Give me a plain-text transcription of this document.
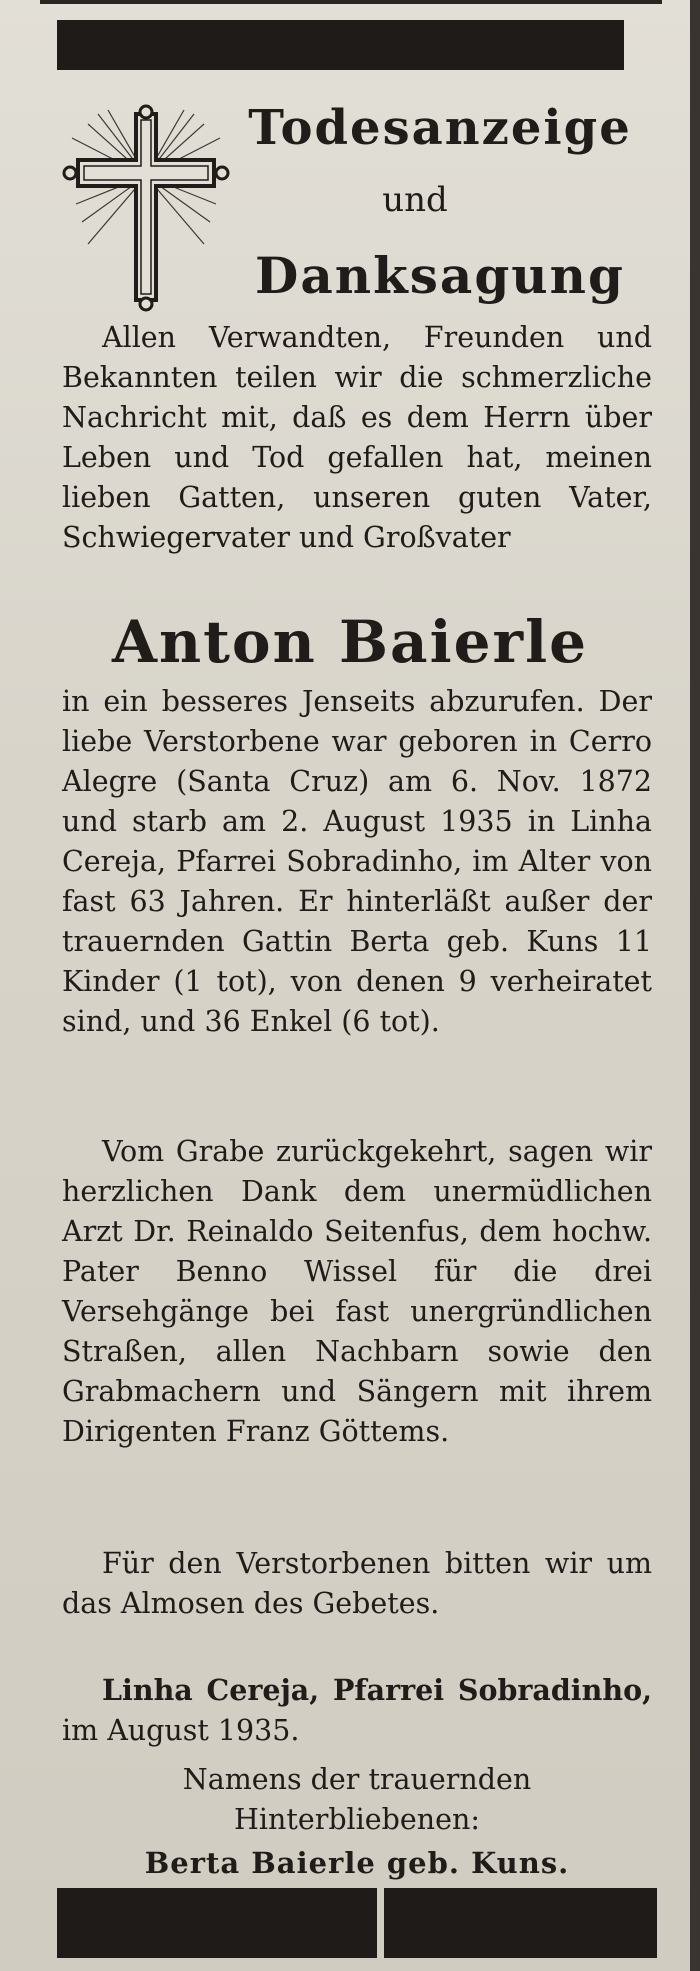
Todesanzeige
und
Danksagung
Allen Verwandten, Freunden und Bekannten teilen wir die schmerzliche Nachricht mit, daß es dem Herrn über Leben und Tod gefallen hat, meinen lieben Gatten, unseren guten Vater, Schwiegervater und Großvater
Anton Baierle
in ein besseres Jenseits abzurufen. Der liebe Verstorbene war geboren in Cerro Alegre (Santa Cruz) am 6. Nov. 1872 und starb am 2. August 1935 in Linha Cereja, Pfarrei Sobradinho, im Alter von fast 63 Jahren. Er hinterläßt außer der trauernden Gattin Berta geb. Kuns 11 Kinder (1 tot), von denen 9 verheiratet sind, und 36 Enkel (6 tot).
Vom Grabe zurückgekehrt, sagen wir herzlichen Dank dem unermüdlichen Arzt Dr. Reinaldo Seitenfus, dem hochw. Pater Benno Wissel für die drei Versehgänge bei fast unergründlichen Straßen, allen Nachbarn sowie den Grabmachern und Sängern mit ihrem Dirigenten Franz Göttems.
Für den Verstorbenen bitten wir um das Almosen des Gebetes.
Linha Cereja, Pfarrei Sobradinho, im August 1935.
Namens der trauernden Hinterbliebenen:
Berta Baierle geb. Kuns.
